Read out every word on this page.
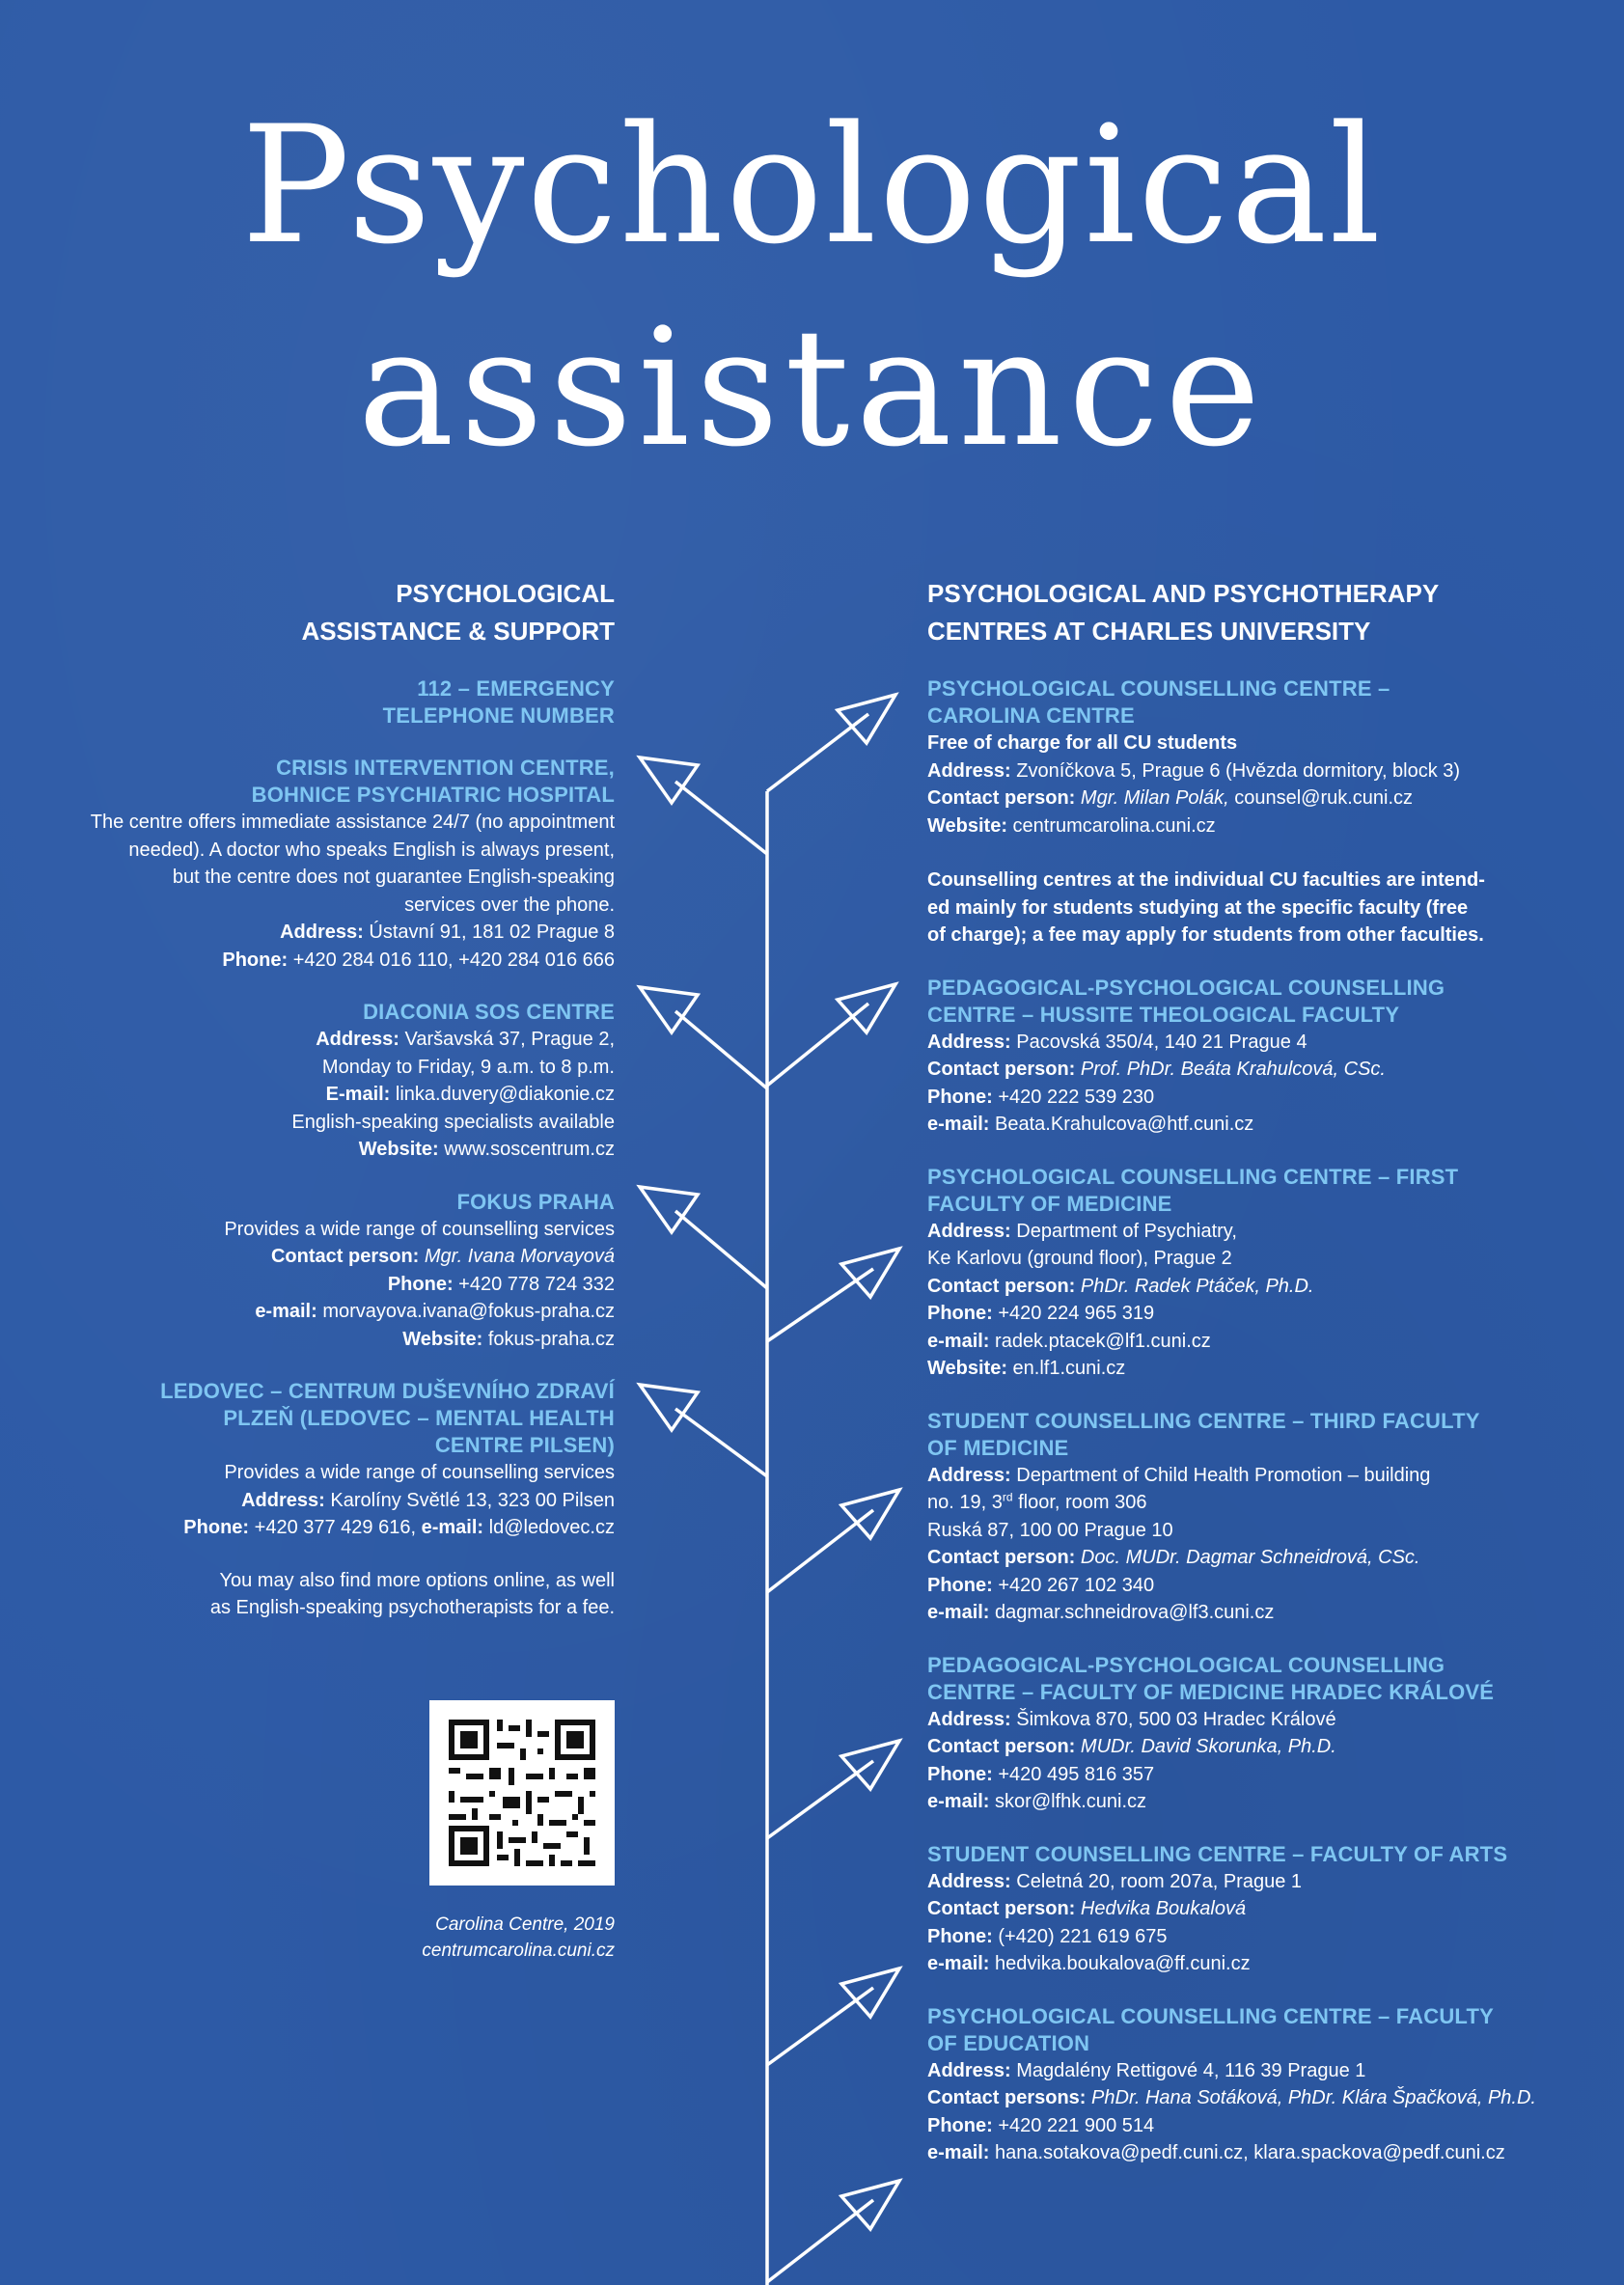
Psychological
assistance
PSYCHOLOGICAL
ASSISTANCE & SUPPORT
112 – EMERGENCY
TELEPHONE NUMBER
CRISIS INTERVENTION CENTRE,
BOHNICE PSYCHIATRIC HOSPITAL
The centre offers immediate assistance 24/7 (no appointment
needed). A doctor who speaks English is always present,
but the centre does not guarantee English-speaking
services over the phone.
Address: Ústavní 91, 181 02 Prague 8
Phone: +420 284 016 110, +420 284 016 666
DIACONIA SOS CENTRE
Address: Varšavská 37, Prague 2,
Monday to Friday, 9 a.m. to 8 p.m.
E-mail: linka.duvery@diakonie.cz
English-speaking specialists available
Website: www.soscentrum.cz
FOKUS PRAHA
Provides a wide range of counselling services
Contact person: Mgr. Ivana Morvayová
Phone: +420 778 724 332
e-mail: morvayova.ivana@fokus-praha.cz
Website: fokus-praha.cz
LEDOVEC – CENTRUM DUŠEVNÍHO ZDRAVÍ
PLZEŇ (LEDOVEC – MENTAL HEALTH
CENTRE PILSEN)
Provides a wide range of counselling services
Address: Karolíny Světlé 13, 323 00 Pilsen
Phone: +420 377 429 616, e-mail: ld@ledovec.cz
You may also find more options online, as well
as English-speaking psychotherapists for a fee.
Carolina Centre, 2019
centrumcarolina.cuni.cz
PSYCHOLOGICAL AND PSYCHOTHERAPY
CENTRES AT CHARLES UNIVERSITY
PSYCHOLOGICAL COUNSELLING CENTRE –
CAROLINA CENTRE
Free of charge for all CU students
Address: Zvoníčkova 5, Prague 6 (Hvězda dormitory, block 3)
Contact person: Mgr. Milan Polák, counsel@ruk.cuni.cz
Website: centrumcarolina.cuni.cz
Counselling centres at the individual CU faculties are intend-
ed mainly for students studying at the specific faculty (free
of charge); a fee may apply for students from other faculties.
PEDAGOGICAL-PSYCHOLOGICAL COUNSELLING
CENTRE – HUSSITE THEOLOGICAL FACULTY
Address: Pacovská 350/4, 140 21 Prague 4
Contact person: Prof. PhDr. Beáta Krahulcová, CSc.
Phone: +420 222 539 230
e-mail: Beata.Krahulcova@htf.cuni.cz
PSYCHOLOGICAL COUNSELLING CENTRE – FIRST
FACULTY OF MEDICINE
Address: Department of Psychiatry,
Ke Karlovu (ground floor), Prague 2
Contact person: PhDr. Radek Ptáček, Ph.D.
Phone: +420 224 965 319
e-mail: radek.ptacek@lf1.cuni.cz
Website: en.lf1.cuni.cz
STUDENT COUNSELLING CENTRE – THIRD FACULTY
OF MEDICINE
Address: Department of Child Health Promotion – building
no. 19, 3rd floor, room 306
Ruská 87, 100 00 Prague 10
Contact person: Doc. MUDr. Dagmar Schneidrová, CSc.
Phone: +420 267 102 340
e-mail: dagmar.schneidrova@lf3.cuni.cz
PEDAGOGICAL-PSYCHOLOGICAL COUNSELLING
CENTRE – FACULTY OF MEDICINE HRADEC KRÁLOVÉ
Address: Šimkova 870, 500 03 Hradec Králové
Contact person: MUDr. David Skorunka, Ph.D.
Phone: +420 495 816 357
e-mail: skor@lfhk.cuni.cz
STUDENT COUNSELLING CENTRE – FACULTY OF ARTS
Address: Celetná 20, room 207a, Prague 1
Contact person: Hedvika Boukalová
Phone: (+420) 221 619 675
e-mail: hedvika.boukalova@ff.cuni.cz
PSYCHOLOGICAL COUNSELLING CENTRE – FACULTY
OF EDUCATION
Address: Magdalény Rettigové 4, 116 39 Prague 1
Contact persons: PhDr. Hana Sotáková, PhDr. Klára Špačková, Ph.D.
Phone: +420 221 900 514
e-mail: hana.sotakova@pedf.cuni.cz, klara.spackova@pedf.cuni.cz
